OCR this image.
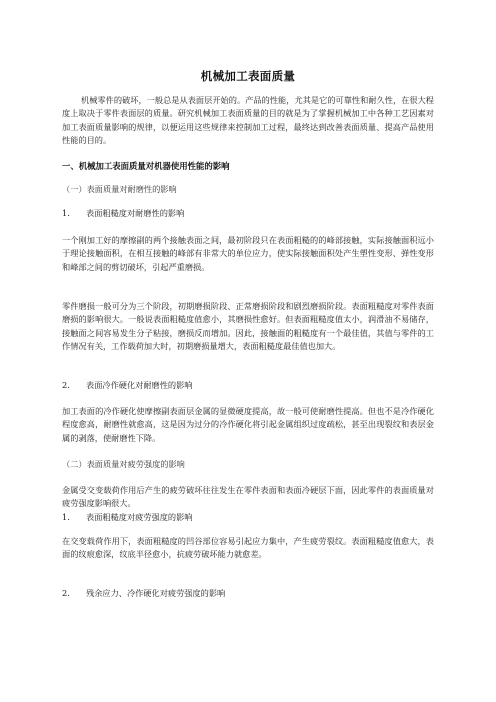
机械加工表面质量
机械零件的破坏，一般总是从表面层开始的。产品的性能，尤其是它的可靠性和耐久性，在很大程度上取决于零件表面层的质量。研究机械加工表面质量的目的就是为了掌握机械加工中各种工艺因素对加工表面质量影响的规律，以便运用这些规律来控制加工过程，最终达到改善表面质量、提高产品使用性能的目的。
一、机械加工表面质量对机器使用性能的影响
（一）表面质量对耐磨性的影响
1. 表面粗糙度对耐磨性的影响
一个刚加工好的摩擦副的两个接触表面之间，最初阶段只在表面粗糙的的峰部接触，实际接触面积远小于理论接触面积，在相互接触的峰部有非常大的单位应力，使实际接触面积处产生塑性变形、弹性变形和峰部之间的剪切破坏，引起严重磨损。
零件磨损一般可分为三个阶段，初期磨损阶段、正常磨损阶段和剧烈磨损阶段。表面粗糙度对零件表面磨损的影响很大。一般说表面粗糙度值愈小，其磨损性愈好。但表面粗糙度值太小，润滑油不易储存，接触面之间容易发生分子粘接，磨损反而增加。因此，接触面的粗糙度有一个最佳值，其值与零件的工作情况有关，工作载荷加大时，初期磨损量增大，表面粗糙度最佳值也加大。
2. 表面冷作硬化对耐磨性的影响
加工表面的冷作硬化使摩擦副表面层金属的显微硬度提高，故一般可使耐磨性提高。但也不是冷作硬化程度愈高，耐磨性就愈高，这是因为过分的冷作硬化将引起金属组织过度疏松，甚至出现裂纹和表层金属的剥落，使耐磨性下降。
（二）表面质量对疲劳强度的影响
金属受交变载荷作用后产生的疲劳破坏往往发生在零件表面和表面冷硬层下面，因此零件的表面质量对疲劳强度影响很大。
1. 表面粗糙度对疲劳强度的影响
在交变载荷作用下，表面粗糙度的凹谷部位容易引起应力集中，产生疲劳裂纹。表面粗糙度值愈大，表面的纹痕愈深，纹底半径愈小，抗疲劳破坏能力就愈差。
2. 残余应力、冷作硬化对疲劳强度的影响
